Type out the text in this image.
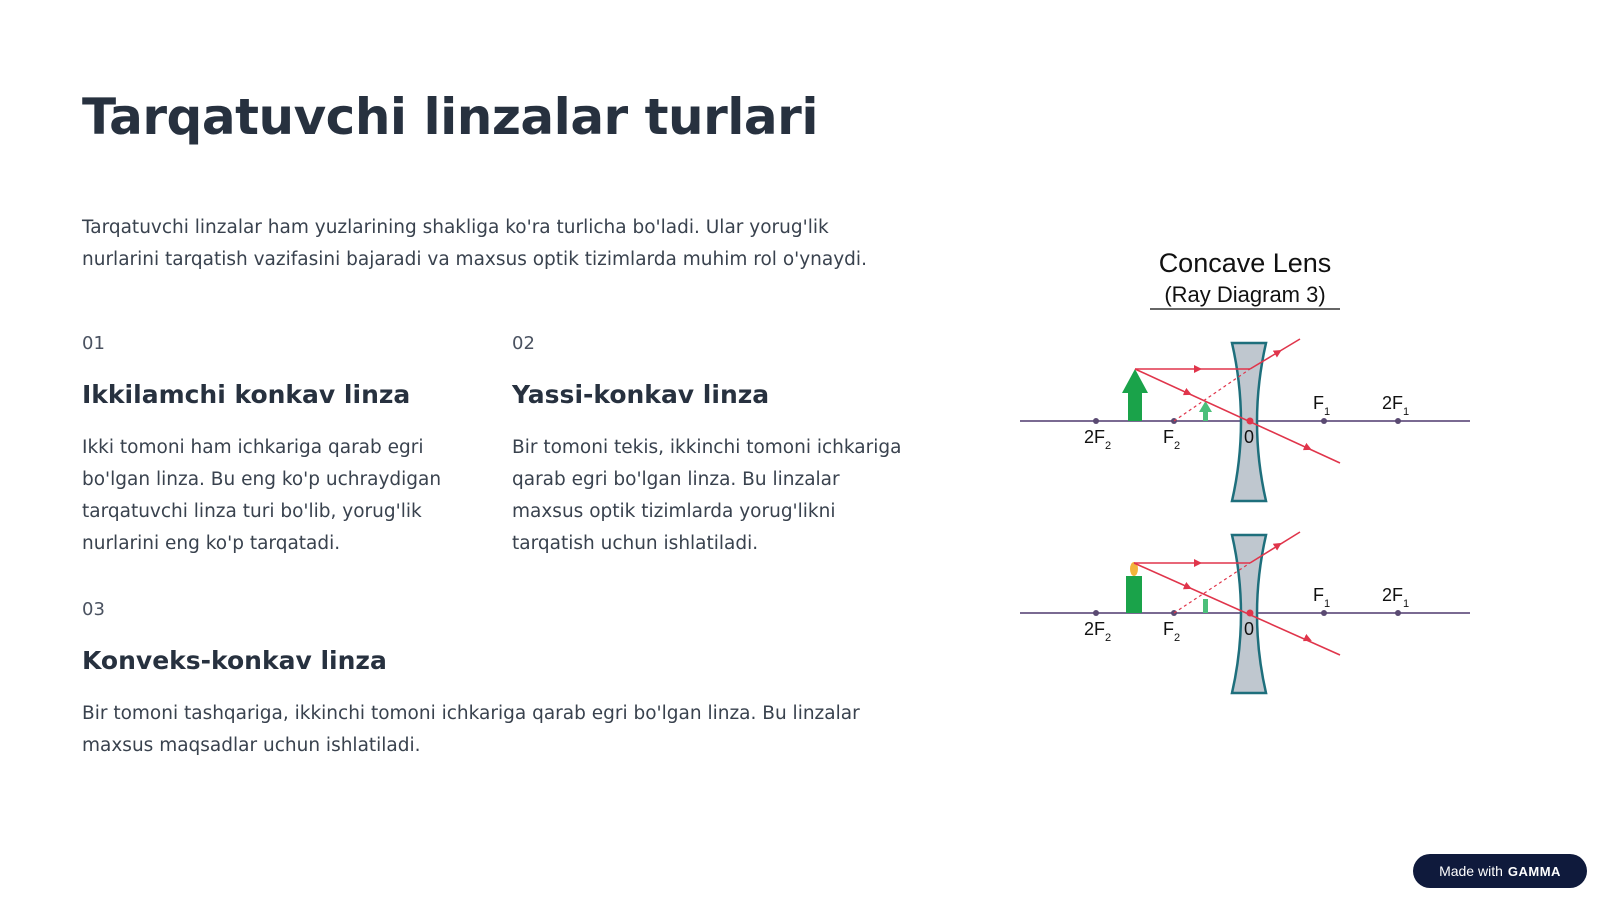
Tarqatuvchi linzalar turlari
Tarqatuvchi linzalar ham yuzlarining shakliga ko'ra turlicha bo'ladi. Ular yorug'lik nurlarini tarqatish vazifasini bajaradi va maxsus optik tizimlarda muhim rol o'ynaydi.
01
Ikkilamchi konkav linza
Ikki tomoni ham ichkariga qarab egri bo'lgan linza. Bu eng ko'p uchraydigan tarqatuvchi linza turi bo'lib, yorug'lik nurlarini eng ko'p tarqatadi.
02
Yassi-konkav linza
Bir tomoni tekis, ikkinchi tomoni ichkariga qarab egri bo'lgan linza. Bu linzalar maxsus optik tizimlarda yorug'likni tarqatish uchun ishlatiladi.
03
Konveks-konkav linza
Bir tomoni tashqariga, ikkinchi tomoni ichkariga qarab egri bo'lgan linza. Bu linzalar maxsus maqsadlar uchun ishlatiladi.
Concave Lens
(Ray Diagram 3)
$F_1$	$2F_1$
$2F_2$	$F_2$	0
$F_1$	$2F_1$
$2F_2$	$F_2$	0
Made with GAMMA
